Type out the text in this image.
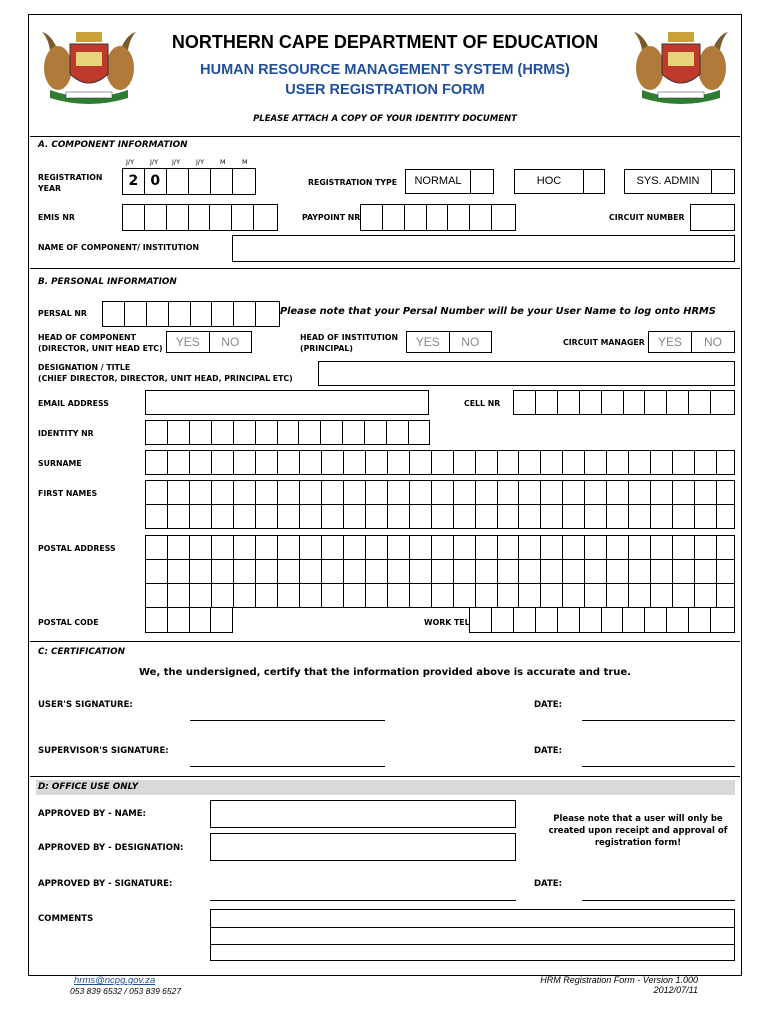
NORTHERN CAPE DEPARTMENT OF EDUCATION
HUMAN RESOURCE MANAGEMENT SYSTEM (HRMS)
USER REGISTRATION FORM
PLEASE ATTACH A COPY OF YOUR IDENTITY DOCUMENT
A. COMPONENT INFORMATION
J/Y J/Y J/Y J/Y M	M
REGISTRATION YEAR	2 0	REGISTRATION TYPE	NORMAL	HOC	SYS. ADMIN
EMIS NR	PAYPOINT NR	CIRCUIT NUMBER
NAME OF COMPONENT/ INSTITUTION
B. PERSONAL INFORMATION
PERSAL NR	Please note that your Persal Number will be your User Name to log onto HRMS
HEAD OF COMPONENT (DIRECTOR, UNIT HEAD ETC)	YES	NO	HEAD OF INSTITUTION (PRINCIPAL)	YES	NO	CIRCUIT MANAGER	YES	NO
DESIGNATION / TITLE
(CHIEF DIRECTOR, DIRECTOR, UNIT HEAD, PRINCIPAL ETC)
EMAIL ADDRESS	CELL NR
IDENTITY NR
SURNAME
FIRST NAMES
POSTAL ADDRESS
POSTAL CODE	WORK TEL
C: CERTIFICATION
We, the undersigned, certify that the information provided above is accurate and true.
USER'S SIGNATURE:	DATE:
SUPERVISOR'S SIGNATURE:	DATE:
D: OFFICE USE ONLY
APPROVED BY - NAME:
APPROVED BY - DESIGNATION:
Please note that a user will only be created upon receipt and approval of registration form!
APPROVED BY - SIGNATURE:	DATE:
COMMENTS
hrms@ncpg.gov.za
053 839 6532 / 053 839 6527
HRM Registration Form - Version 1.000
2012/07/11
